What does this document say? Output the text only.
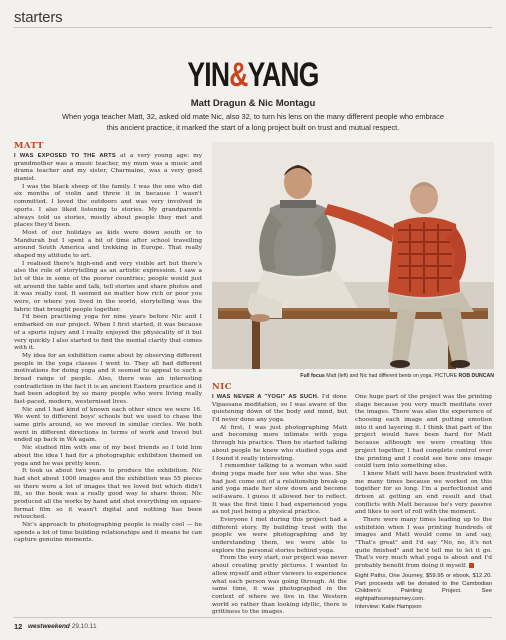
starters
YIN&YANG
Matt Dragun & Nic Montagu
When yoga teacher Matt, 32, asked old mate Nic, also 32, to turn his lens on the many different people who embrace this ancient practice, it marked the start of a long project built on trust and mutual respect.
MATT

I WAS EXPOSED TO THE ARTS at a very young age: my grandmother was a music teacher, my mum was a music and drama teacher and my sister, Charmaine, was a very good pianist.

I was the black sheep of the family. I was the one who did six months of violin and threw it in because I wasn't committed. I loved the outdoors and was very involved in sports. I also liked listening to stories. My grandparents always told us stories, mostly about people they met and places they'd been.

Most of our holidays as kids were down south or to Mandurah but I spent a bit of time after school travelling around South America and trekking in Europe. That really shaped my attitude to art.

I realised there's high-end and very visible art but there's also the role of storytelling as an artistic expression. I saw a lot of this in some of the poorer countries; people would just sit around the table and talk, tell stories and share photos and it was really cool. It seemed no matter how rich or poor you were, or where you lived in the world, storytelling was the fabric that brought people together.

I'd been practising yoga for nine years before Nic and I embarked on our project. When I first started, it was because of a sports injury and I really enjoyed the physicality of it but very quickly I also started to find the mental clarity that comes with it.

My idea for an exhibition came about by observing different people in the yoga classes I went to. They all had different motivations for doing yoga and it seemed to appeal to such a broad range of people. Also, there was an interesting contradiction in the fact it is an ancient Eastern practice and it had been adopted by so many people who were living really fast-paced, modern, westernised lives.

Nic and I had kind of known each other since we were 16. We went to different boys' schools but we used to chase the same girls around, so we moved in similar circles. We both went in different directions in terms of work and travel but ended up back in WA again.

Nic studied film with one of my best friends so I told him about the idea I had for a photographic exhibition themed on yoga and he was pretty keen.

It took us about two years to produce the exhibition. Nic had shot about 1000 images and the exhibition was 55 pieces so there were a lot of images that we loved but which didn't fit, so the book was a really good way to share those. Nic produced all the works by hand and shot everything on square-format film so it wasn't digital and nothing has been retouched.

Nic's approach to photographing people is really cool — he spends a lot of time building relationships and it means he can capture genuine moments.

Full focus Matt (left) and Nic had different bents on yoga. PICTURE ROB DUNCAN
NIC

I WAS NEVER A "YOGI" AS SUCH. I'd done Vipassana meditation, so I was aware of the quietening down of the body and mind, but I'd never done any yoga.

At first, I was just photographing Matt and becoming more intimate with yoga through his practice. Then he started talking about people he knew who studied yoga and I found it really interesting.

I remember talking to a woman who said doing yoga made her see who she was. She had just come out of a relationship break-up and yoga made her slow down and become self-aware. I guess it allowed her to reflect. It was the first time I had experienced yoga as not just being a physical practice.

Everyone I met during this project had a different story. By building trust with the people we were photographing and by understanding them, we were able to explore the personal stories behind yoga.

From the very start, our project was never about creating pretty pictures. I wanted to allow myself and other viewers to experience what each person was going through. At the same time, it was photographed in the context of where we live in the Western world so rather than looking idyllic, there is grittiness to the images.

One huge part of the project was the printing stage because you very much meditate over the images. There was also the experience of choosing each image and putting emotion into it and layering it. I think that part of the project would have been hard for Matt because although we were creating this project together, I had complete control over the printing and I could see how one image could turn into something else.

I know Matt will have been frustrated with me many times because we worked on this together for so long. I'm a perfectionist and driven at getting an end result and that conflicts with Matt because he's very passive and likes to sort of roll with the moment.

There were many times leading up to the exhibition when I was printing hundreds of images and Matt would come in and say, "That's great" and I'd say "No, no, it's not quite finished" and he'd tell me to let it go. That's very much what yoga is about and I'd probably benefit from doing it myself.

Eight Paths, One Journey, $59.95 or ebook, $12.20. Part proceeds will be donated to the Cambodian Children's Painting Project. See eightpathsonejourney.com.

Interview: Katie Hampson

12 westweekend 29.10.11
